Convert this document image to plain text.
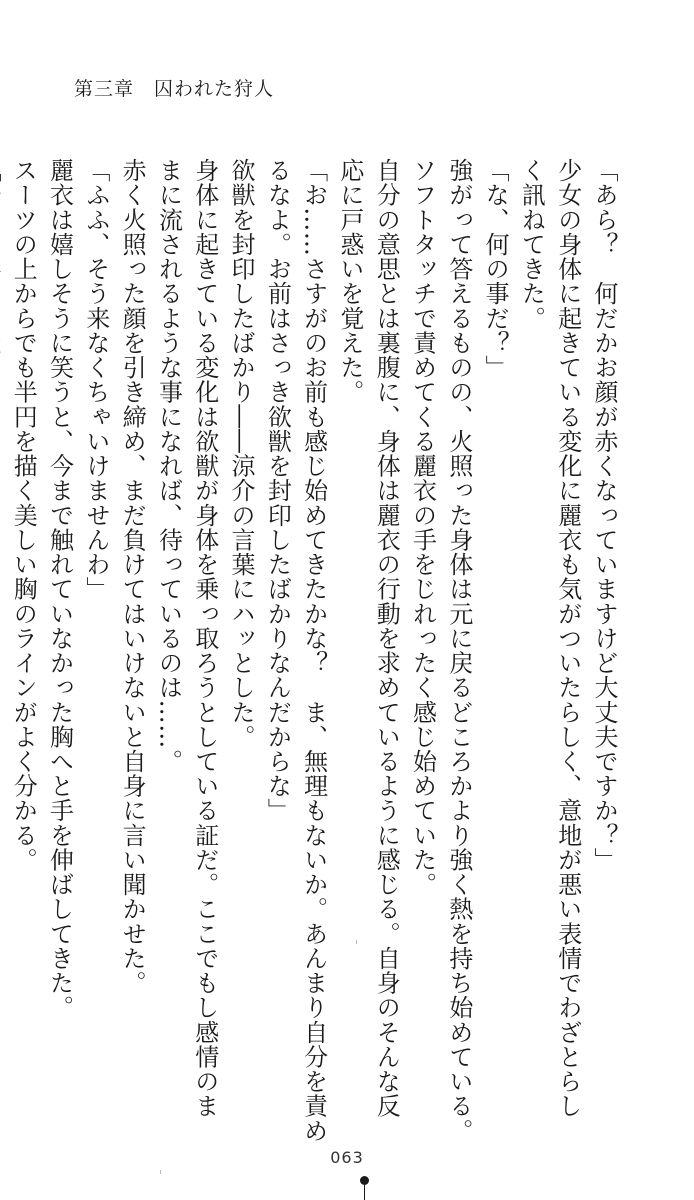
第三章　囚われた狩人
「あら？　何だかお顔が赤くなっていますけど大丈夫ですか？」
少女の身体に起きている変化に麗衣も気がついたらしく、意地が悪い表情でわざとらし
く訊ねてきた。
「な、何の事だ？」
強がって答えるものの、火照った身体は元に戻るどころかより強く熱を持ち始めている。
ソフトタッチで責めてくる麗衣の手をじれったく感じ始めていた。
自分の意思とは裏腹に、身体は麗衣の行動を求めているように感じる。自身のそんな反
応に戸惑いを覚えた。
「お……さすがのお前も感じ始めてきたかな？　ま、無理もないか。あんまり自分を責め
るなよ。お前はさっき欲獣を封印したばかりなんだからな」
欲獣を封印したばかり――涼介の言葉にハッとした。
身体に起きている変化は欲獣が身体を乗っ取ろうとしている証だ。ここでもし感情のま
まに流されるような事になれば、待っているのは……。
赤く火照った顔を引き締め、まだ負けてはいけないと自身に言い聞かせた。
「ふふ、そう来なくちゃいけませんわ」
麗衣は嬉しそうに笑うと、今まで触れていなかった胸へと手を伸ばしてきた。
スーツの上からでも半円を描く美しい胸のラインがよく分かる。
063
